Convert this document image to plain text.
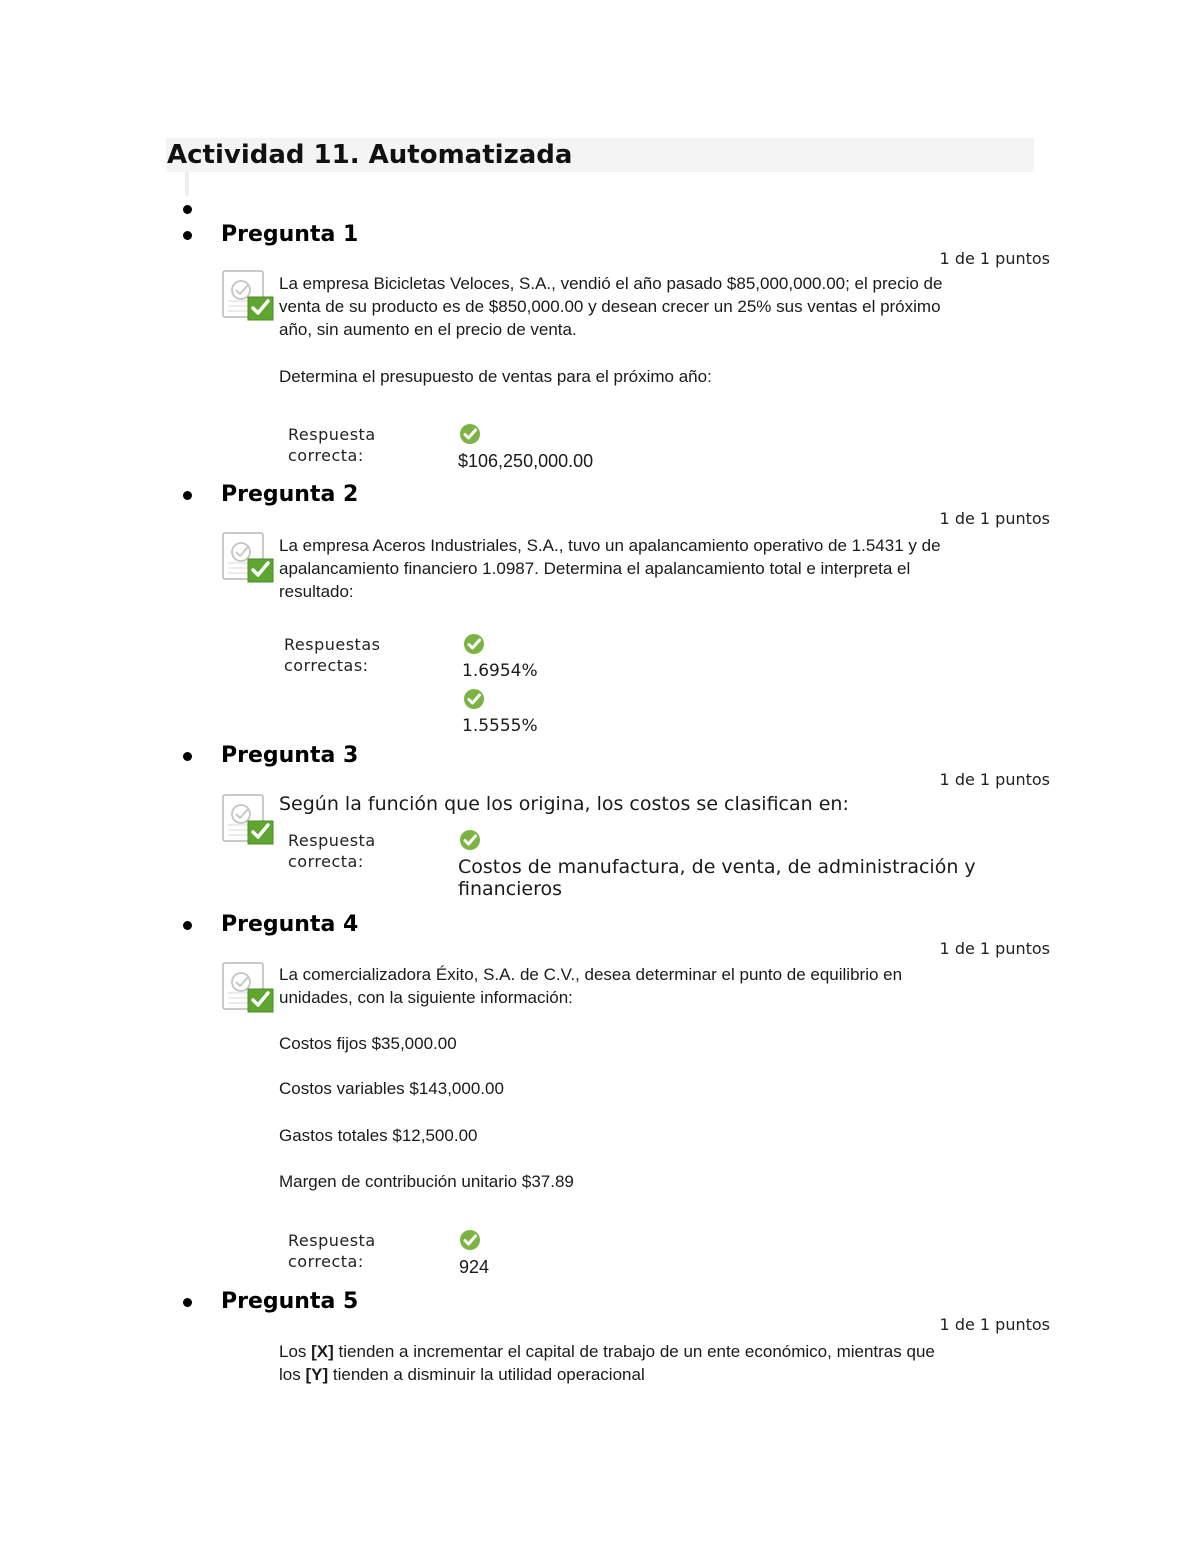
Actividad 11. Automatizada
Pregunta 1
1 de 1 puntos
La empresa Bicicletas Veloces, S.A., vendió el año pasado $85,000,000.00; el precio de
venta de su producto es de $850,000.00 y desean crecer un 25% sus ventas el próximo
año, sin aumento en el precio de venta.
Determina el presupuesto de ventas para el próximo año:
Respuesta
correcta:	$106,250,000.00
Pregunta 2
1 de 1 puntos
La empresa Aceros Industriales, S.A., tuvo un apalancamiento operativo de 1.5431 y de
apalancamiento financiero 1.0987. Determina el apalancamiento total e interpreta el
resultado:
Respuestas
correctas:	1.6954%
1.5555%
Pregunta 3
1 de 1 puntos
Según la función que los origina, los costos se clasifican en:
Respuesta
correcta:	Costos de manufactura, de venta, de administración y
financieros
Pregunta 4
1 de 1 puntos
La comercializadora Éxito, S.A. de C.V., desea determinar el punto de equilibrio en
unidades, con la siguiente información:
Costos fijos $35,000.00
Costos variables $143,000.00
Gastos totales $12,500.00
Margen de contribución unitario $37.89
Respuesta
correcta:	924
Pregunta 5
1 de 1 puntos
Los [X] tienden a incrementar el capital de trabajo de un ente económico, mientras que
los [Y] tienden a disminuir la utilidad operacional
